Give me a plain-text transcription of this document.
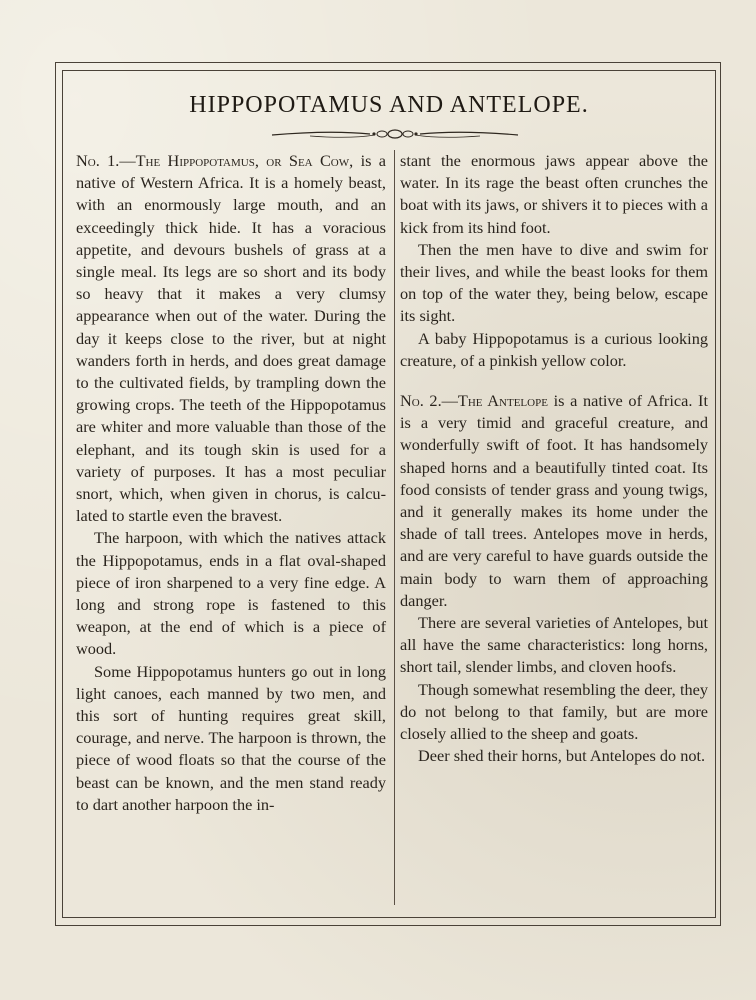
HIPPOPOTAMUS AND ANTELOPE.

No. 1.—The Hippopotamus, or Sea Cow, is a native of Western Africa. It is a homely beast, with an enormously large mouth, and an exceedingly thick hide. It has a voracious appetite, and devours bushels of grass at a single meal. Its legs are so short and its body so heavy that it makes a very clumsy appearance when out of the water. During the day it keeps close to the river, but at night wanders forth in herds, and does great damage to the cultivated fields, by trampling down the growing crops. The teeth of the Hippopotamus are whiter and more valuable than those of the elephant, and its tough skin is used for a variety of purposes. It has a most peculiar snort, which, when given in chorus, is calculated to startle even the bravest.

The harpoon, with which the natives attack the Hippopotamus, ends in a flat oval-shaped piece of iron sharpened to a very fine edge. A long and strong rope is fastened to this weapon, at the end of which is a piece of wood.

Some Hippopotamus hunters go out in long light canoes, each manned by two men, and this sort of hunting requires great skill, courage, and nerve. The harpoon is thrown, the piece of wood floats so that the course of the beast can be known, and the men stand ready to dart another harpoon the in-

stant the enormous jaws appear above the water. In its rage the beast often crunches the boat with its jaws, or shivers it to pieces with a kick from its hind foot.

Then the men have to dive and swim for their lives, and while the beast looks for them on top of the water they, being below, escape its sight.

A baby Hippopotamus is a curious looking creature, of a pinkish yellow color.

No. 2.—The Antelope is a native of Africa. It is a very timid and graceful creature, and wonderfully swift of foot. It has handsomely shaped horns and a beautifully tinted coat. Its food consists of tender grass and young twigs, and it generally makes its home under the shade of tall trees. Antelopes move in herds, and are very careful to have guards outside the main body to warn them of approaching danger.

There are several varieties of Antelopes, but all have the same characteristics: long horns, short tail, slender limbs, and cloven hoofs.

Though somewhat resembling the deer, they do not belong to that family, but are more closely allied to the sheep and goats.

Deer shed their horns, but Antelopes do not.
